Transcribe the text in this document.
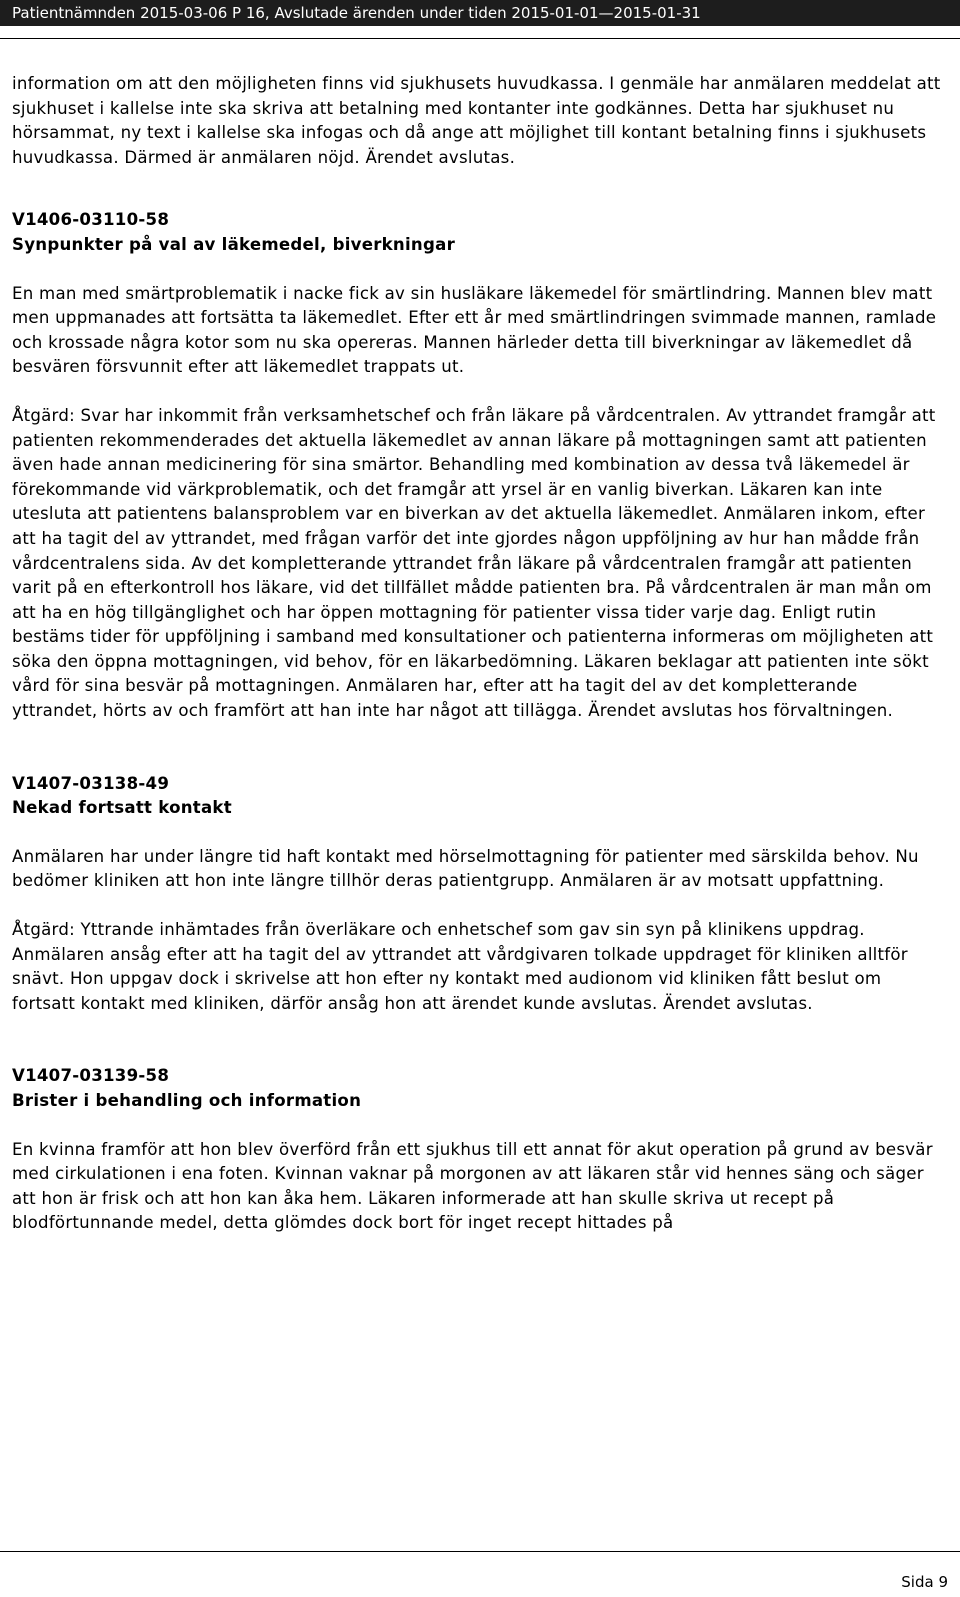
Patientnämnden 2015-03-06 P 16, Avslutade ärenden under tiden 2015-01-01—2015-01-31

information om att den möjligheten finns vid sjukhusets huvudkassa. I genmäle har anmälaren meddelat att sjukhuset i kallelse inte ska skriva att betalning med kontanter inte godkännes. Detta har sjukhuset nu hörsammat, ny text i kallelse ska infogas och då ange att möjlighet till kontant betalning finns i sjukhusets huvudkassa. Därmed är anmälaren nöjd. Ärendet avslutas.

V1406-03110-58

Synpunkter på val av läkemedel, biverkningar

En man med smärtproblematik i nacke fick av sin husläkare läkemedel för smärtlindring. Mannen blev matt men uppmanades att fortsätta ta läkemedlet. Efter ett år med smärtlindringen svimmade mannen, ramlade och krossade några kotor som nu ska opereras. Mannen härleder detta till biverkningar av läkemedlet då besvären försvunnit efter att läkemedlet trappats ut.

Åtgärd: Svar har inkommit från verksamhetschef och från läkare på vårdcentralen. Av yttrandet framgår att patienten rekommenderades det aktuella läkemedlet av annan läkare på mottagningen samt att patienten även hade annan medicinering för sina smärtor. Behandling med kombination av dessa två läkemedel är förekommande vid värkproblematik, och det framgår att yrsel är en vanlig biverkan. Läkaren kan inte utesluta att patientens balansproblem var en biverkan av det aktuella läkemedlet. Anmälaren inkom, efter att ha tagit del av yttrandet, med frågan varför det inte gjordes någon uppföljning av hur han mådde från vårdcentralens sida. Av det kompletterande yttrandet från läkare på vårdcentralen framgår att patienten varit på en efterkontroll hos läkare, vid det tillfället mådde patienten bra. På vårdcentralen är man mån om att ha en hög tillgänglighet och har öppen mottagning för patienter vissa tider varje dag. Enligt rutin bestäms tider för uppföljning i samband med konsultationer och patienterna informeras om möjligheten att söka den öppna mottagningen, vid behov, för en läkarbedömning. Läkaren beklagar att patienten inte sökt vård för sina besvär på mottagningen. Anmälaren har, efter att ha tagit del av det kompletterande yttrandet, hörts av och framfört att han inte har något att tillägga. Ärendet avslutas hos förvaltningen.

V1407-03138-49

Nekad fortsatt kontakt

Anmälaren har under längre tid haft kontakt med hörselmottagning för patienter med särskilda behov. Nu bedömer kliniken att hon inte längre tillhör deras patientgrupp. Anmälaren är av motsatt uppfattning.

Åtgärd: Yttrande inhämtades från överläkare och enhetschef som gav sin syn på klinikens uppdrag. Anmälaren ansåg efter att ha tagit del av yttrandet att vårdgivaren tolkade uppdraget för kliniken alltför snävt. Hon uppgav dock i skrivelse att hon efter ny kontakt med audionom vid kliniken fått beslut om fortsatt kontakt med kliniken, därför ansåg hon att ärendet kunde avslutas. Ärendet avslutas.

V1407-03139-58

Brister i behandling och information

En kvinna framför att hon blev överförd från ett sjukhus till ett annat för akut operation på grund av besvär med cirkulationen i ena foten. Kvinnan vaknar på morgonen av att läkaren står vid hennes säng och säger att hon är frisk och att hon kan åka hem. Läkaren informerade att han skulle skriva ut recept på blodförtunnande medel, detta glömdes dock bort för inget recept hittades på

Sida 9
